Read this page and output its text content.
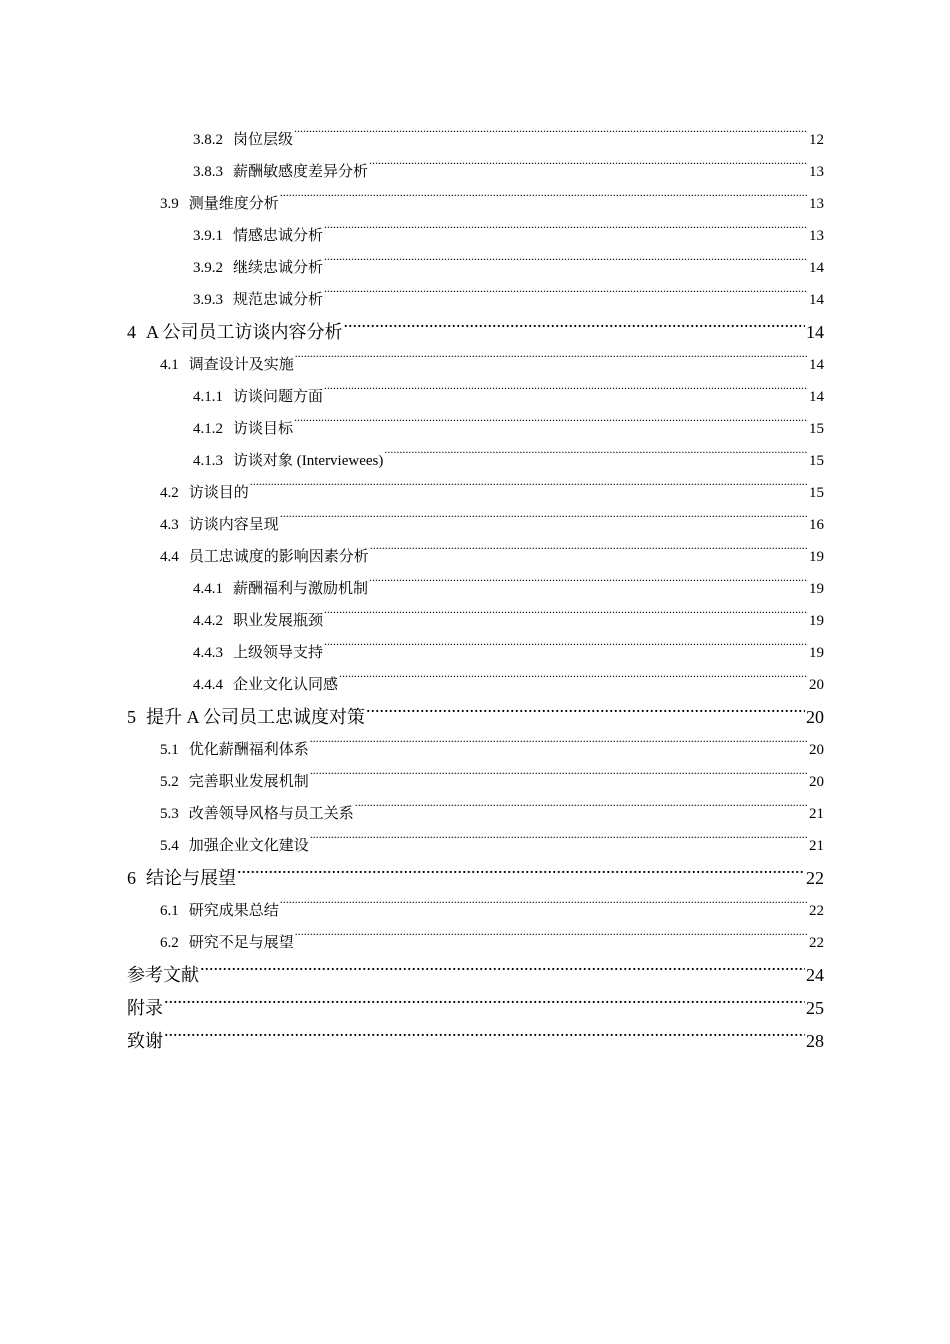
3.8.2 岗位层级 .....	12
3.8.3 薪酬敏感度差异分析 .....	13
3.9 测量维度分析 .....	13
3.9.1 情感忠诚分析 .....	13
3.9.2 继续忠诚分析 .....	14
3.9.3 规范忠诚分析 .....	14
4 A 公司员工访谈内容分析 .....	14
4.1 调查设计及实施 .....	14
4.1.1 访谈问题方面 .....	14
4.1.2 访谈目标 .....	15
4.1.3 访谈对象 (Interviewees) .....	15
4.2 访谈目的 .....	15
4.3 访谈内容呈现 .....	16
4.4 员工忠诚度的影响因素分析 .....	19
4.4.1 薪酬福利与激励机制 .....	19
4.4.2 职业发展瓶颈 .....	19
4.4.3 上级领导支持 .....	19
4.4.4 企业文化认同感 .....	20
5 提升 A 公司员工忠诚度对策 .....	20
5.1 优化薪酬福利体系 .....	20
5.2 完善职业发展机制 .....	20
5.3 改善领导风格与员工关系 .....	21
5.4 加强企业文化建设 .....	21
6 结论与展望 .....	22
6.1 研究成果总结 .....	22
6.2 研究不足与展望 .....	22
参考文献 .....	24
附录 .....	25
致谢 .....	28
